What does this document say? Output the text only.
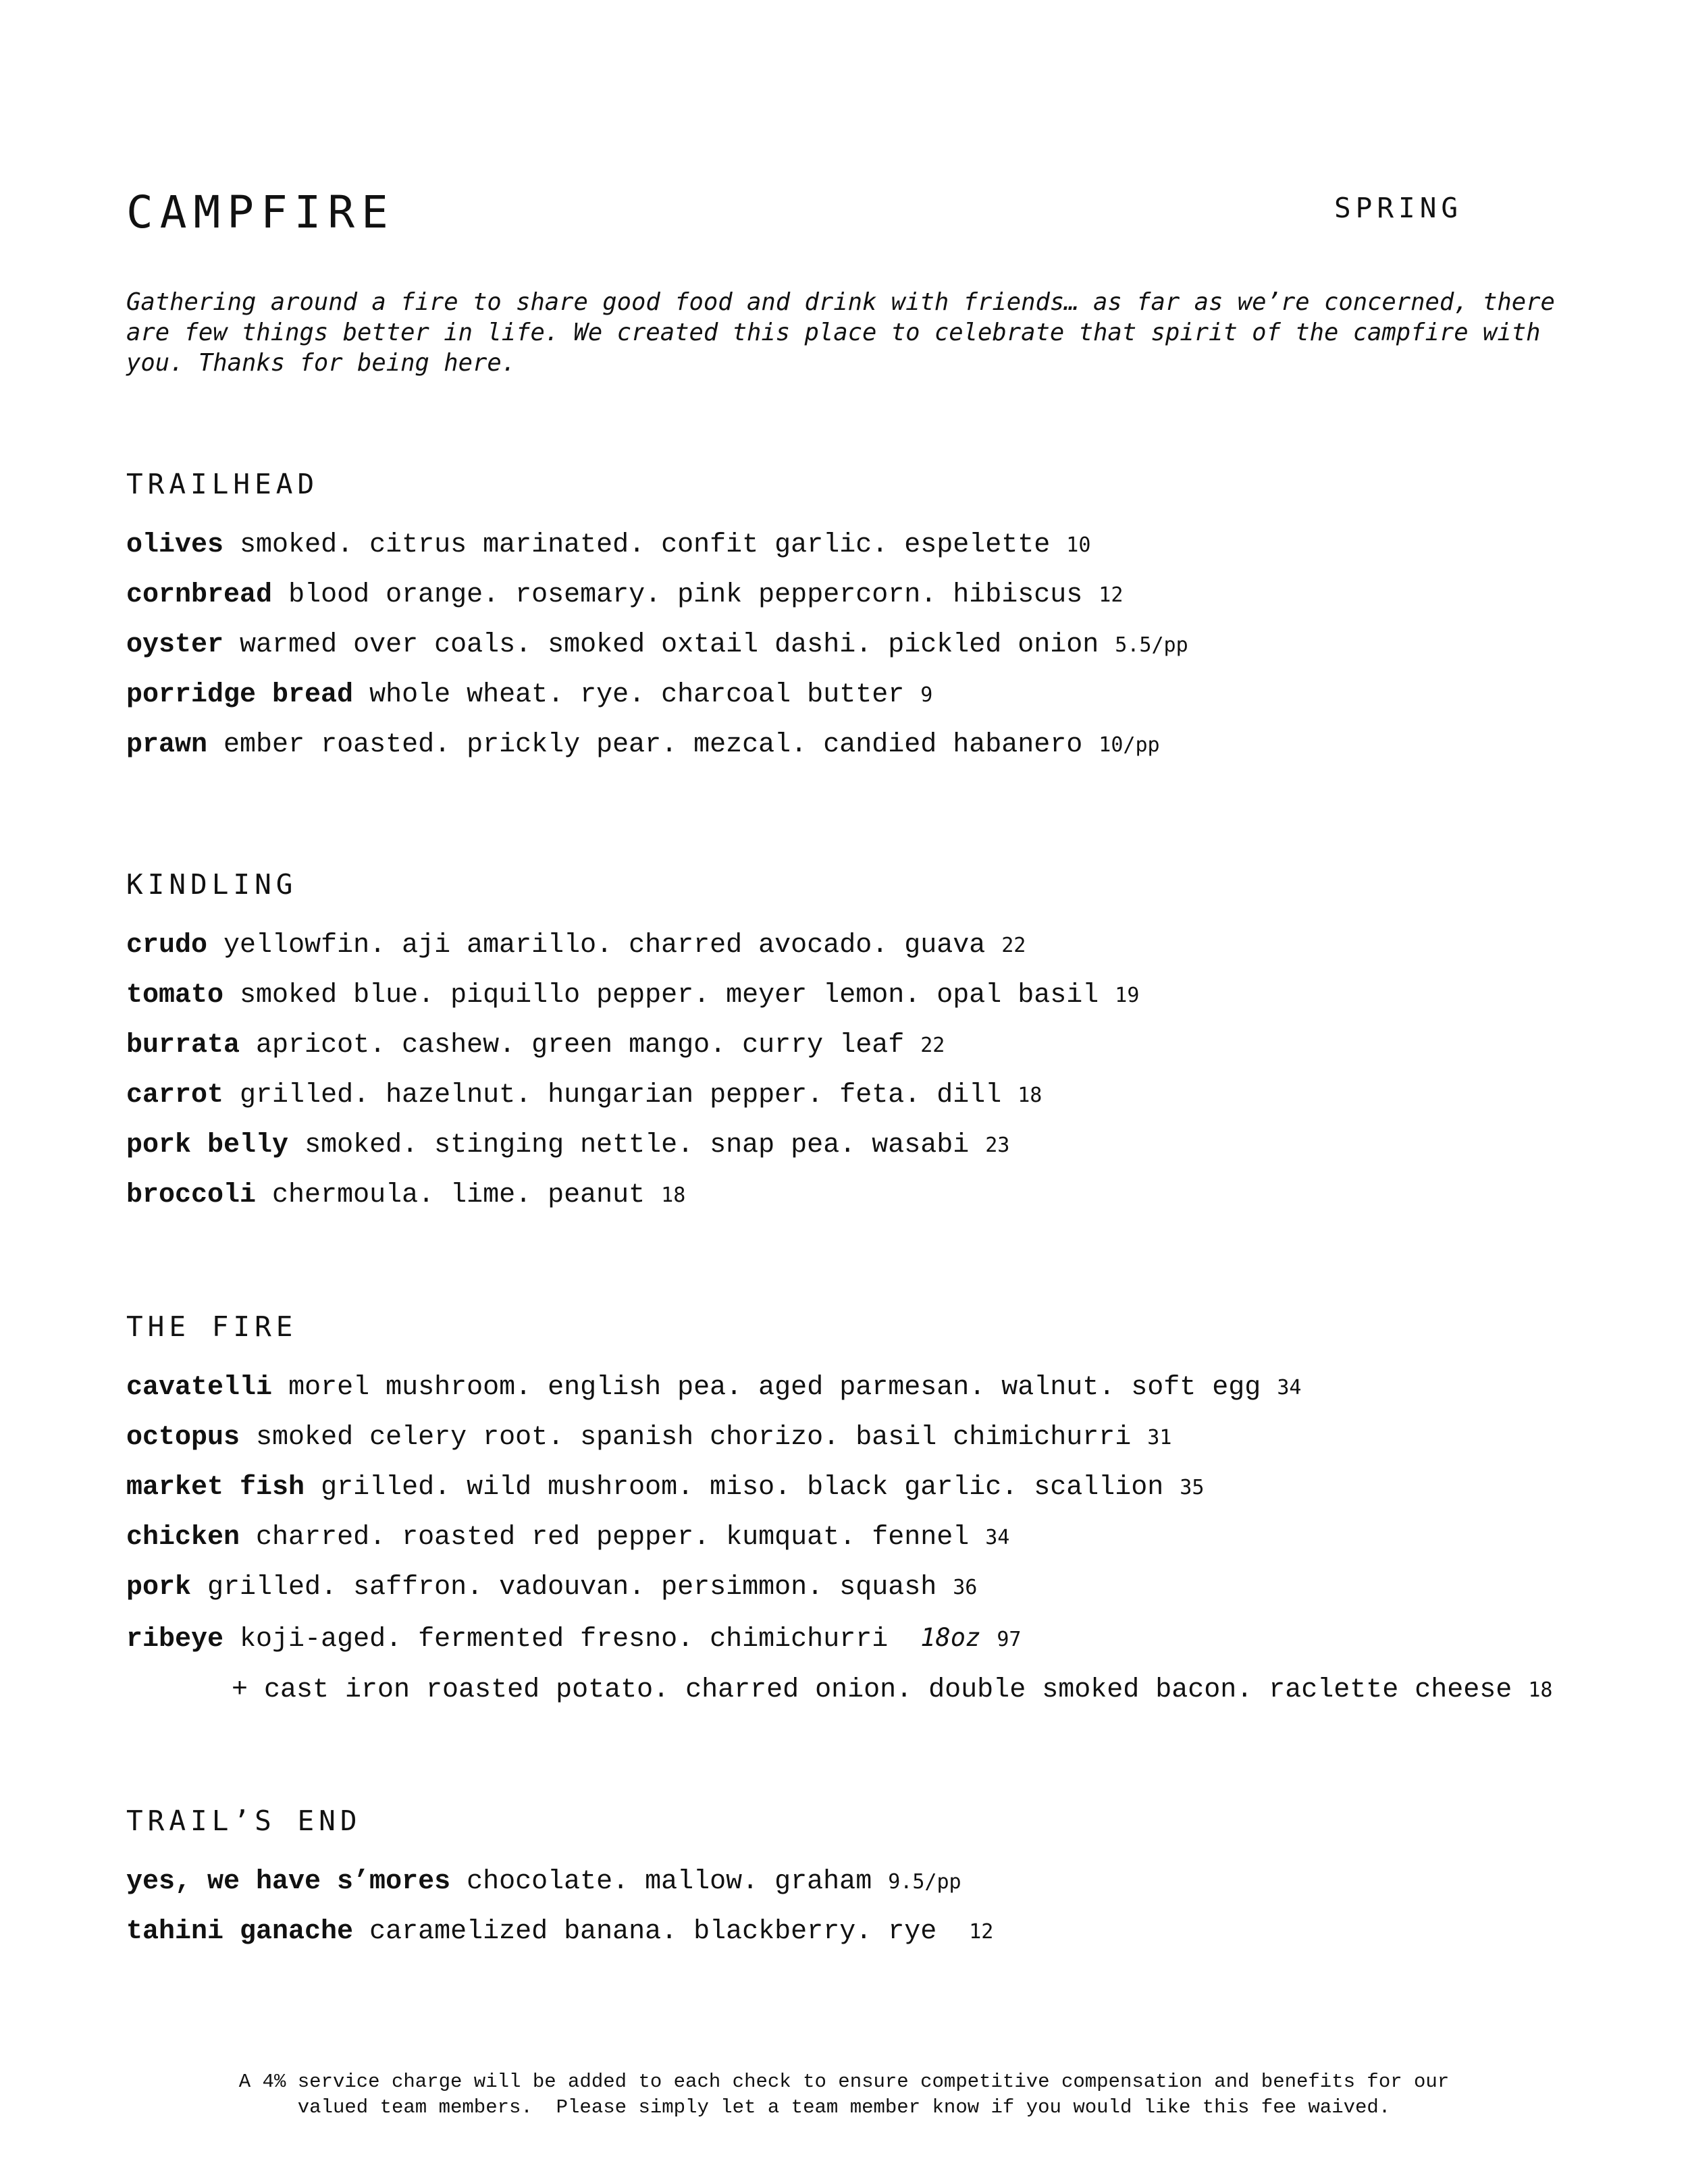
CAMPFIRE	SPRING

Gathering around a fire to share good food and drink with friends… as far as we’re concerned, there are few things better in life. We created this place to celebrate that spirit of the campfire with you. Thanks for being here.

TRAILHEAD
olives smoked. citrus marinated. confit garlic. espelette 10
cornbread blood orange. rosemary. pink peppercorn. hibiscus 12
oyster warmed over coals. smoked oxtail dashi. pickled onion 5.5/pp
porridge bread whole wheat. rye. charcoal butter 9
prawn ember roasted. prickly pear. mezcal. candied habanero 10/pp
KINDLING
crudo yellowfin. aji amarillo. charred avocado. guava 22
tomato smoked blue. piquillo pepper. meyer lemon. opal basil 19
burrata apricot. cashew. green mango. curry leaf 22
carrot grilled. hazelnut. hungarian pepper. feta. dill 18
pork belly smoked. stinging nettle. snap pea. wasabi 23
broccoli chermoula. lime. peanut 18
THE FIRE
cavatelli morel mushroom. english pea. aged parmesan. walnut. soft egg 34
octopus smoked celery root. spanish chorizo. basil chimichurri 31
market fish grilled. wild mushroom. miso. black garlic. scallion 35
chicken charred. roasted red pepper. kumquat. fennel 34
pork grilled. saffron. vadouvan. persimmon. squash 36
ribeye koji-aged. fermented fresno. chimichurri 18oz 97
+ cast iron roasted potato. charred onion. double smoked bacon. raclette cheese 18
TRAIL’S END
yes, we have s’mores chocolate. mallow. graham 9.5/pp
tahini ganache caramelized banana. blackberry. rye 12
A 4% service charge will be added to each check to ensure competitive compensation and benefits for our
valued team members.  Please simply let a team member know if you would like this fee waived.
